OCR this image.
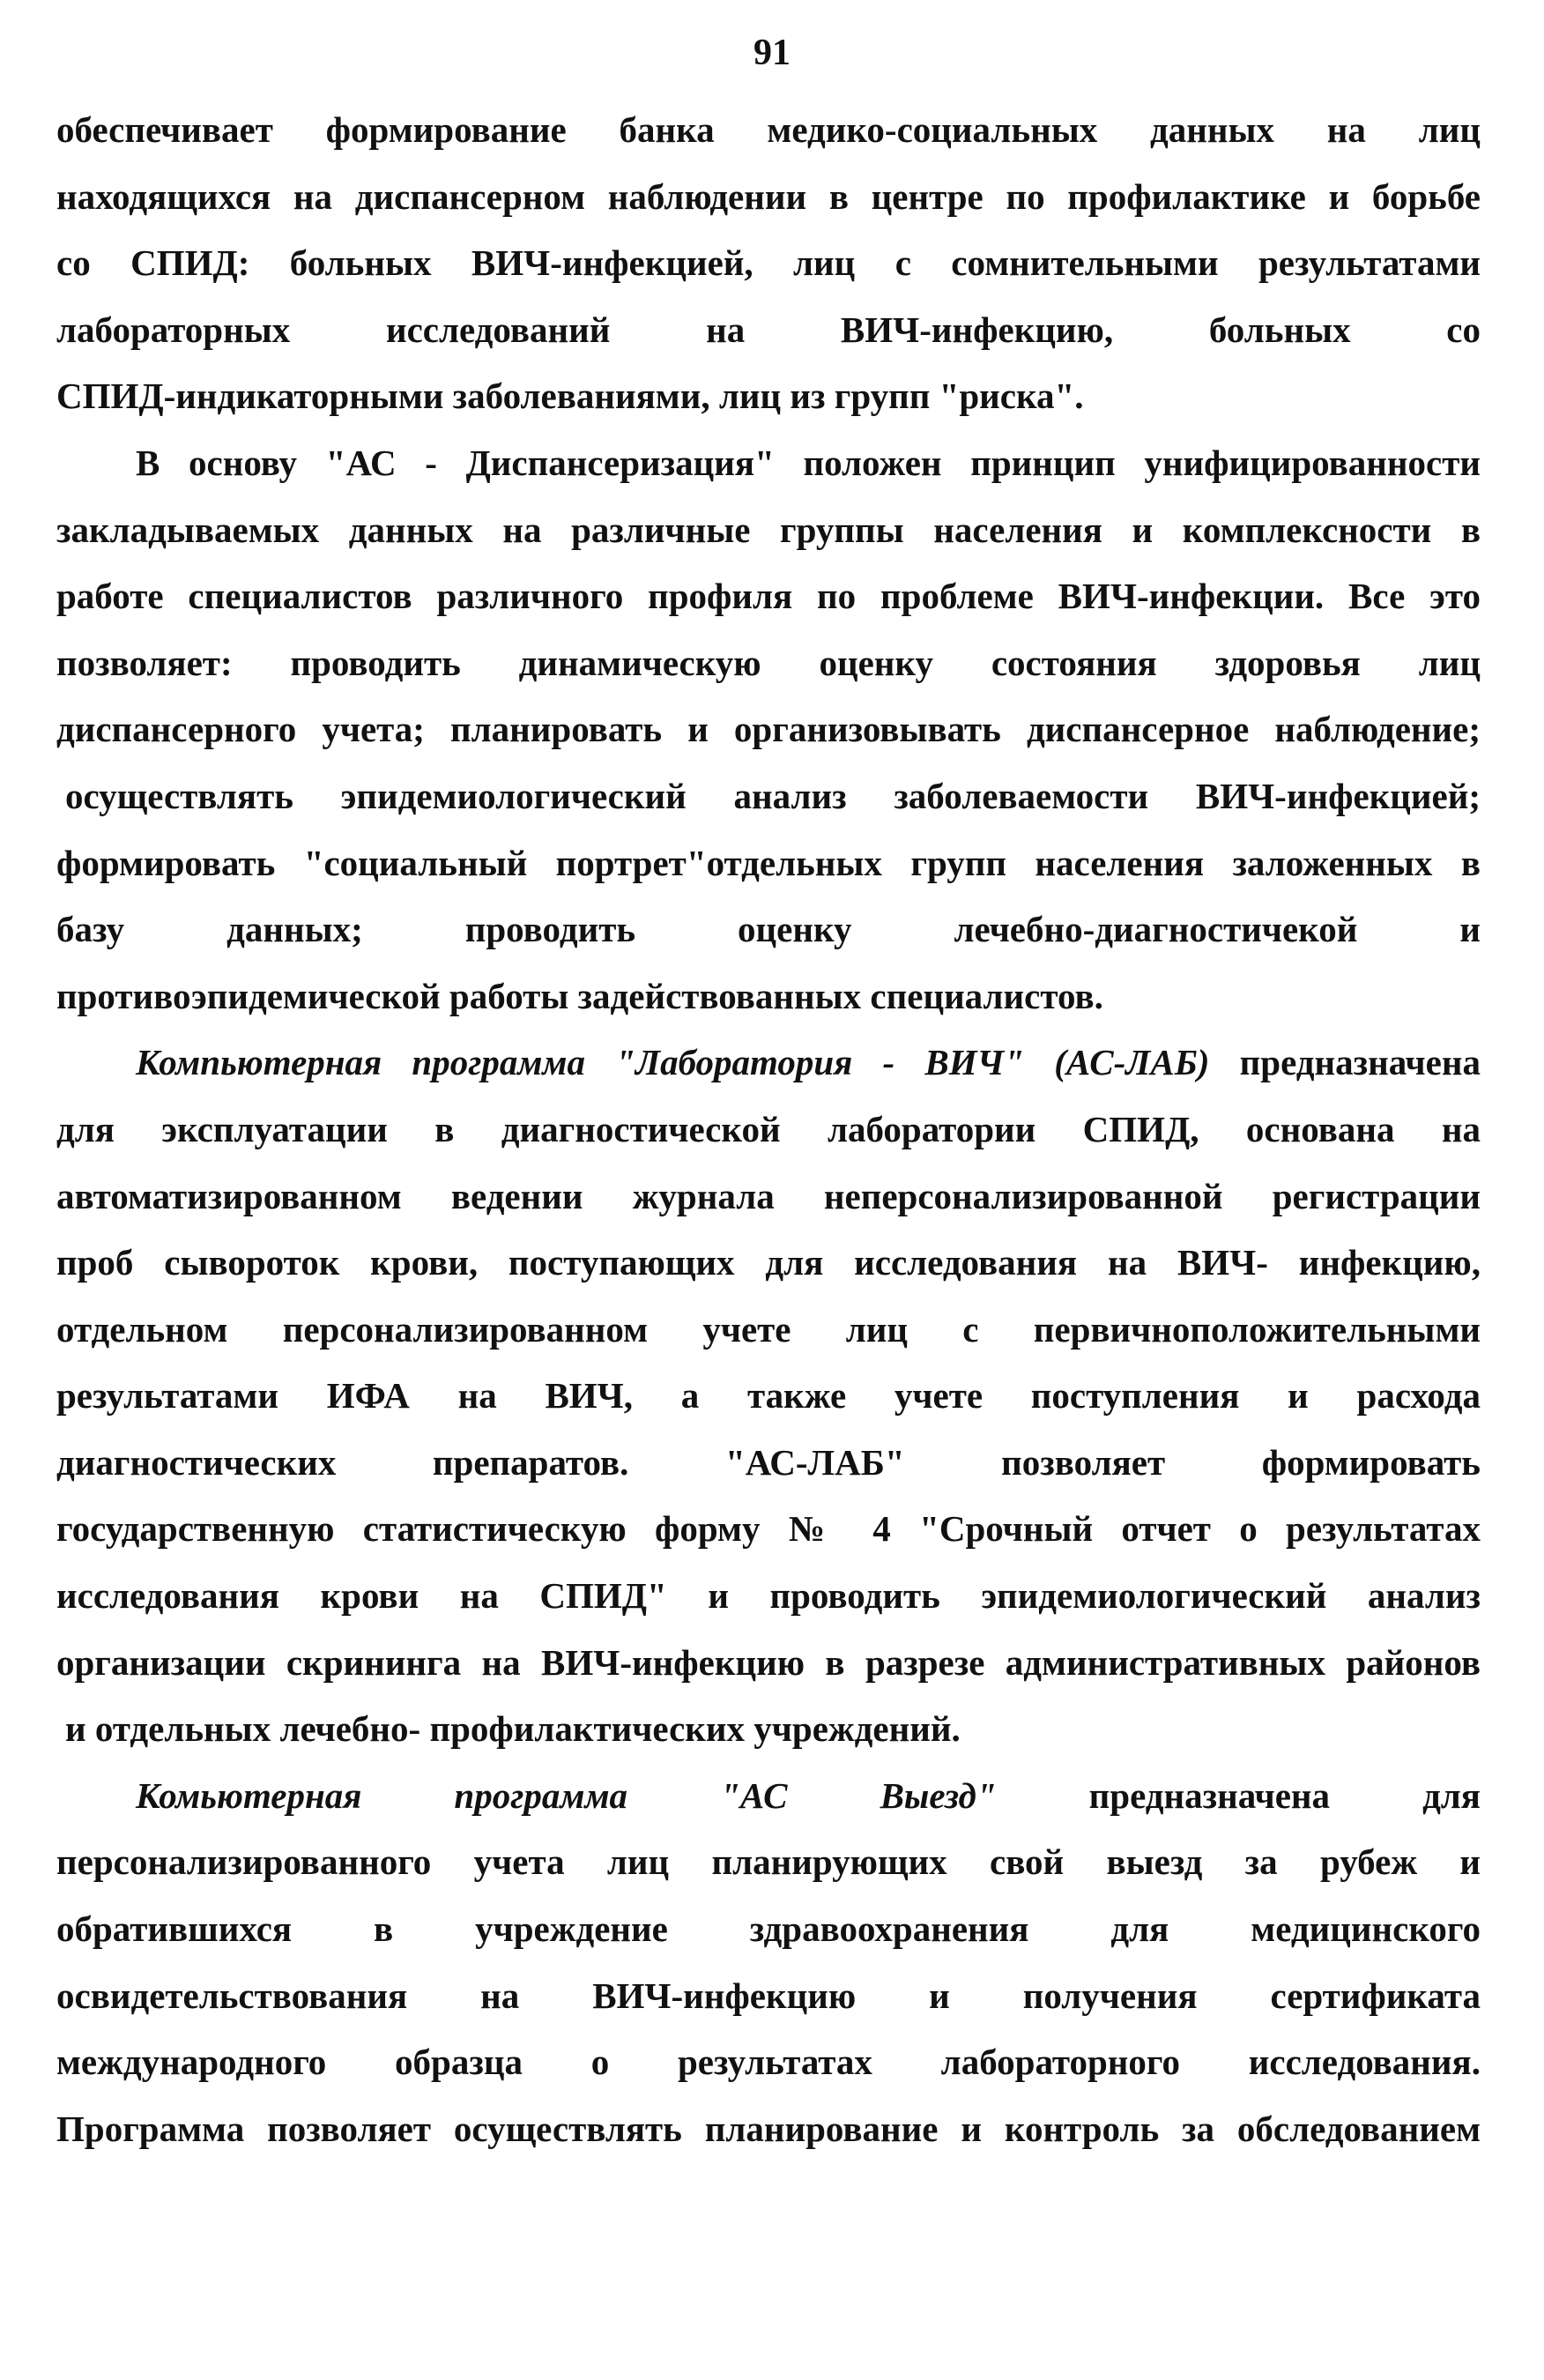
91
обеспечивает формирование банка медико-социальных данных на лиц
находящихся на диспансерном наблюдении в центре по профилактике и борьбе
со СПИД: больных ВИЧ-инфекцией, лиц с сомнительными результатами
лабораторных исследований на ВИЧ-инфекцию, больных со
СПИД-индикаторными заболеваниями, лиц из групп "риска".
В основу "АС - Диспансеризация" положен принцип унифицированности
закладываемых данных на различные группы населения и комплексности в
работе специалистов различного профиля по проблеме ВИЧ-инфекции. Все это
позволяет: проводить динамическую оценку состояния здоровья лиц
диспансерного учета; планировать и организовывать диспансерное наблюдение;
осуществлять эпидемиологический анализ заболеваемости ВИЧ-инфекцией;
формировать "социальный портрет"отдельных групп населения заложенных в
базу данных; проводить оценку лечебно-диагностичекой и
противоэпидемической работы задействованных специалистов.
Компьютерная программа "Лаборатория - ВИЧ" (АС-ЛАБ) предназначена
для эксплуатации в диагностической лаборатории СПИД, основана на
автоматизированном ведении журнала неперсонализированной регистрации
проб сывороток крови, поступающих для исследования на ВИЧ- инфекцию,
отдельном персонализированном учете лиц с первичноположительными
результатами ИФА на ВИЧ, а также учете поступления и расхода
диагностических препаратов. "АС-ЛАБ" позволяет формировать
государственную статистическую форму № 4 "Срочный отчет о результатах
исследования крови на СПИД" и проводить эпидемиологический анализ
организации скрининга на ВИЧ-инфекцию в разрезе административных районов
и отдельных лечебно- профилактических учреждений.
Комьютерная программа "АС Выезд" предназначена для
персонализированного учета лиц планирующих свой выезд за рубеж и
обратившихся в учреждение здравоохранения для медицинского
освидетельствования на ВИЧ-инфекцию и получения сертификата
международного образца о результатах лабораторного исследования.
Программа позволяет осуществлять планирование и контроль за обследованием
